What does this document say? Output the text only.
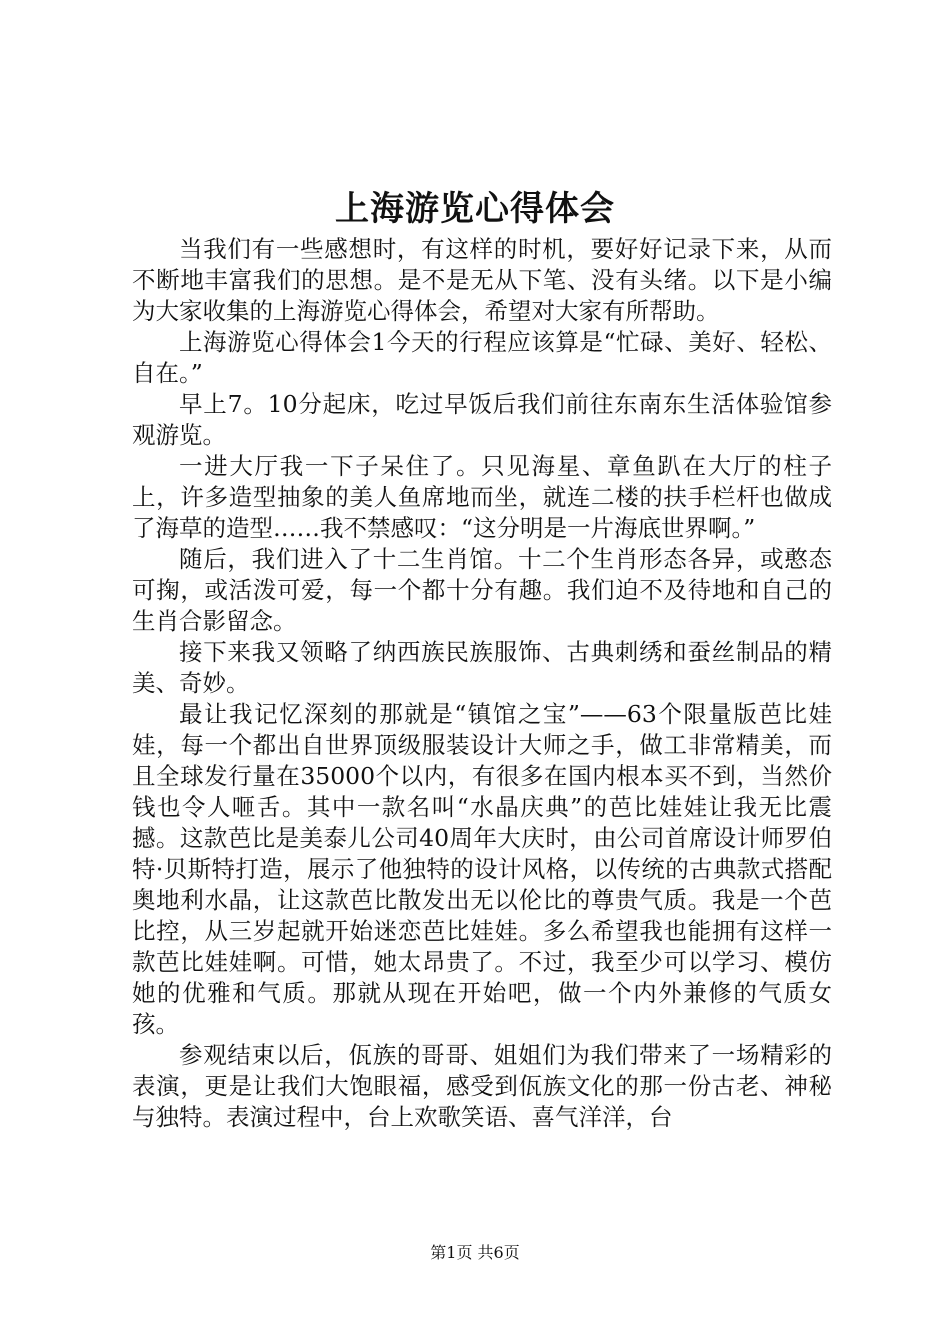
上海游览心得体会

当我们有一些感想时，有这样的时机，要好好记录下来，从而不断地丰富我们的思想。是不是无从下笔、没有头绪。以下是小编为大家收集的上海游览心得体会，希望对大家有所帮助。

上海游览心得体会1今天的行程应该算是“忙碌、美好、轻松、自在。”

早上7。10分起床，吃过早饭后我们前往东南东生活体验馆参观游览。

一进大厅我一下子呆住了。只见海星、章鱼趴在大厅的柱子上，许多造型抽象的美人鱼席地而坐，就连二楼的扶手栏杆也做成了海草的造型……我不禁感叹：“这分明是一片海底世界啊。”

随后，我们进入了十二生肖馆。十二个生肖形态各异，或憨态可掬，或活泼可爱，每一个都十分有趣。我们迫不及待地和自己的生肖合影留念。

接下来我又领略了纳西族民族服饰、古典刺绣和蚕丝制品的精美、奇妙。

最让我记忆深刻的那就是“镇馆之宝”——63个限量版芭比娃娃，每一个都出自世界顶级服装设计大师之手，做工非常精美，而且全球发行量在35000个以内，有很多在国内根本买不到，当然价钱也令人咂舌。其中一款名叫“水晶庆典”的芭比娃娃让我无比震撼。这款芭比是美泰儿公司40周年大庆时，由公司首席设计师罗伯特·贝斯特打造，展示了他独特的设计风格，以传统的古典款式搭配奥地利水晶，让这款芭比散发出无以伦比的尊贵气质。我是一个芭比控，从三岁起就开始迷恋芭比娃娃。多么希望我也能拥有这样一款芭比娃娃啊。可惜，她太昂贵了。不过，我至少可以学习、模仿她的优雅和气质。那就从现在开始吧，做一个内外兼修的气质女孩。

参观结束以后，佤族的哥哥、姐姐们为我们带来了一场精彩的表演，更是让我们大饱眼福，感受到佤族文化的那一份古老、神秘与独特。表演过程中，台上欢歌笑语、喜气洋洋，台

第1页 共6页
